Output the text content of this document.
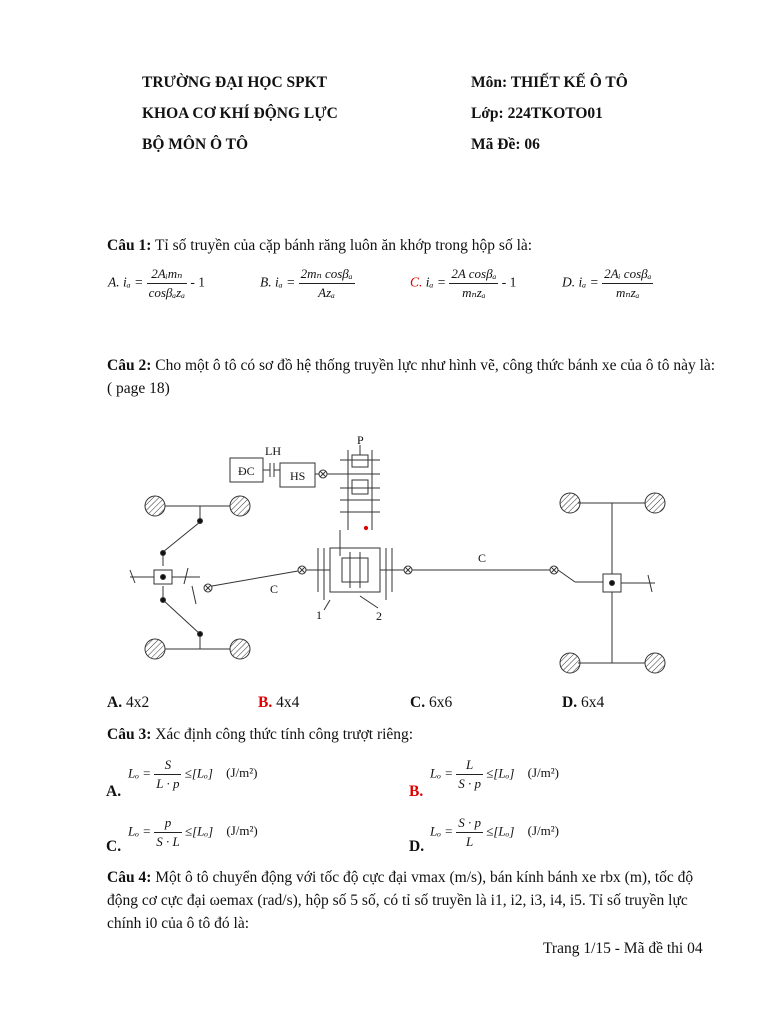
TRƯỜNG ĐẠI HỌC SPKT
KHOA CƠ KHÍ ĐỘNG LỰC
BỘ MÔN Ô TÔ
Môn: THIẾT KẾ Ô TÔ
Lớp: 224TKOTO01
Mã Đề: 06
Câu 1: Tỉ số truyền của cặp bánh răng luôn ăn khớp trong hộp số là:
A. $i_a = \frac{\text{2Aᵢmₙ}}{\text{cosβₐzₐ}} - 1$	B. $i_a = \frac{\text{2mₙ cosβₐ}}{\text{Azₐ}}$	C. $i_a = \frac{\text{2A cosβₐ}}{\text{mₙzₐ}} - 1$	D. $i_a = \frac{\text{2Aᵢ cosβₐ}}{\text{mₙzₐ}}$
Câu 2: Cho một ô tô có sơ đồ hệ thống truyền lực như hình vẽ, công thức bánh xe của ô tô này là: ( page 18)
ĐC
LH
HS
P
C
C
1	2
A. 4x2	B. 4x4	C. 6x6	D. 6x4
Câu 3: Xác định công thức tính công trượt riêng:
$L_o = \frac{S}{L \cdot p} \le[L_o]$ (J/m²)
A.
$L_o = \frac{L}{S \cdot p} \le[L_o]$ (J/m²)
B.
$L_o = \frac{p}{S \cdot L} \le[L_o]$ (J/m²)
C.
$L_o = \frac{S \cdot p}{L} \le[L_o]$ (J/m²)
D.
Câu 4: Một ô tô chuyển động với tốc độ cực đại vmax (m/s), bán kính bánh xe rbx (m), tốc độ
động cơ cực đại ωemax (rad/s), hộp số 5 số, có tỉ số truyền là i1, i2, i3, i4, i5. Tỉ số truyền lực
chính i0 của ô tô đó là:
Trang 1/15 - Mã đề thi 04
